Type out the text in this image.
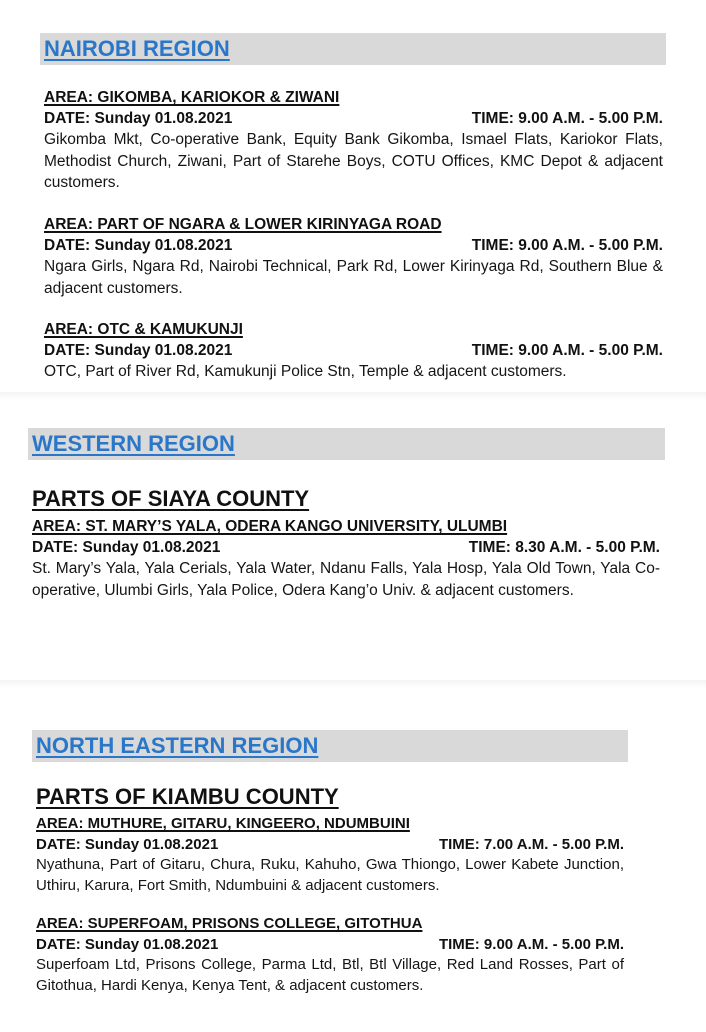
NAIROBI REGION
AREA: GIKOMBA, KARIOKOR & ZIWANI
DATE: Sunday 01.08.2021	TIME: 9.00 A.M. - 5.00 P.M.
Gikomba Mkt, Co-operative Bank, Equity Bank Gikomba, Ismael Flats, Kariokor Flats, Methodist Church, Ziwani, Part of Starehe Boys, COTU Offices, KMC Depot & adjacent customers.
AREA: PART OF NGARA & LOWER KIRINYAGA ROAD
DATE: Sunday 01.08.2021	TIME: 9.00 A.M. - 5.00 P.M.
Ngara Girls, Ngara Rd, Nairobi Technical, Park Rd, Lower Kirinyaga Rd, Southern Blue & adjacent customers.
AREA: OTC & KAMUKUNJI
DATE: Sunday 01.08.2021	TIME: 9.00 A.M. - 5.00 P.M.
OTC, Part of River Rd, Kamukunji Police Stn, Temple & adjacent customers.
WESTERN REGION
PARTS OF SIAYA COUNTY
AREA: ST. MARY’S YALA, ODERA KANGO UNIVERSITY, ULUMBI
DATE: Sunday 01.08.2021	TIME: 8.30 A.M. - 5.00 P.M.
St. Mary’s Yala, Yala Cerials, Yala Water, Ndanu Falls, Yala Hosp, Yala Old Town, Yala Co-operative, Ulumbi Girls, Yala Police, Odera Kang’o Univ. & adjacent customers.
NORTH EASTERN REGION
PARTS OF KIAMBU COUNTY
AREA: MUTHURE, GITARU, KINGEERO, NDUMBUINI
DATE: Sunday 01.08.2021	TIME: 7.00 A.M. - 5.00 P.M.
Nyathuna, Part of Gitaru, Chura, Ruku, Kahuho, Gwa Thiongo, Lower Kabete Junction, Uthiru, Karura, Fort Smith, Ndumbuini & adjacent customers.
AREA: SUPERFOAM, PRISONS COLLEGE, GITOTHUA
DATE: Sunday 01.08.2021	TIME: 9.00 A.M. - 5.00 P.M.
Superfoam Ltd, Prisons College, Parma Ltd, Btl, Btl Village, Red Land Rosses, Part of Gitothua, Hardi Kenya, Kenya Tent, & adjacent customers.
